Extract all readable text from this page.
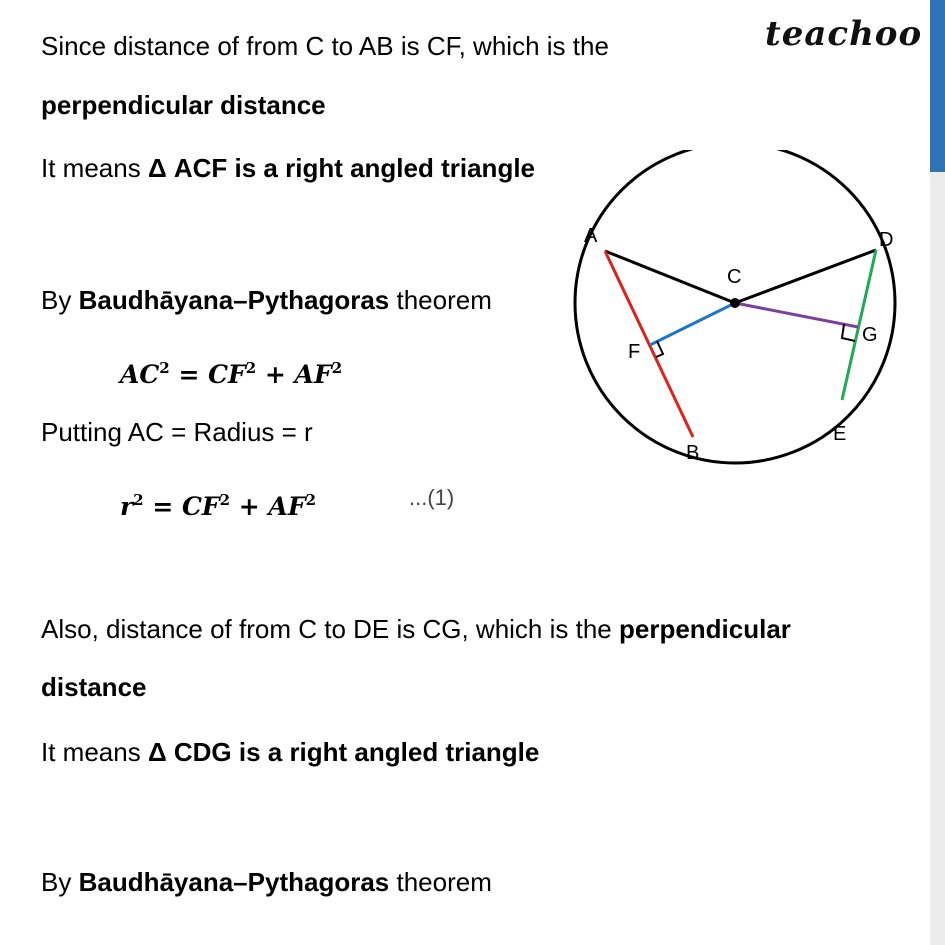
teachoo
Since distance of from C to AB is CF, which is the
perpendicular distance
It means Δ ACF is a right angled triangle
By Baudhāyana–Pythagoras theorem
$AC^2 = CF^2 + AF^2$
Putting AC = Radius = r
$r^2 = CF^2 + AF^2$	...(1)
Also, distance of from C to DE is CG, which is the perpendicular
distance
It means Δ CDG is a right angled triangle
By Baudhāyana–Pythagoras theorem
A
B
C
D
E
F
G
